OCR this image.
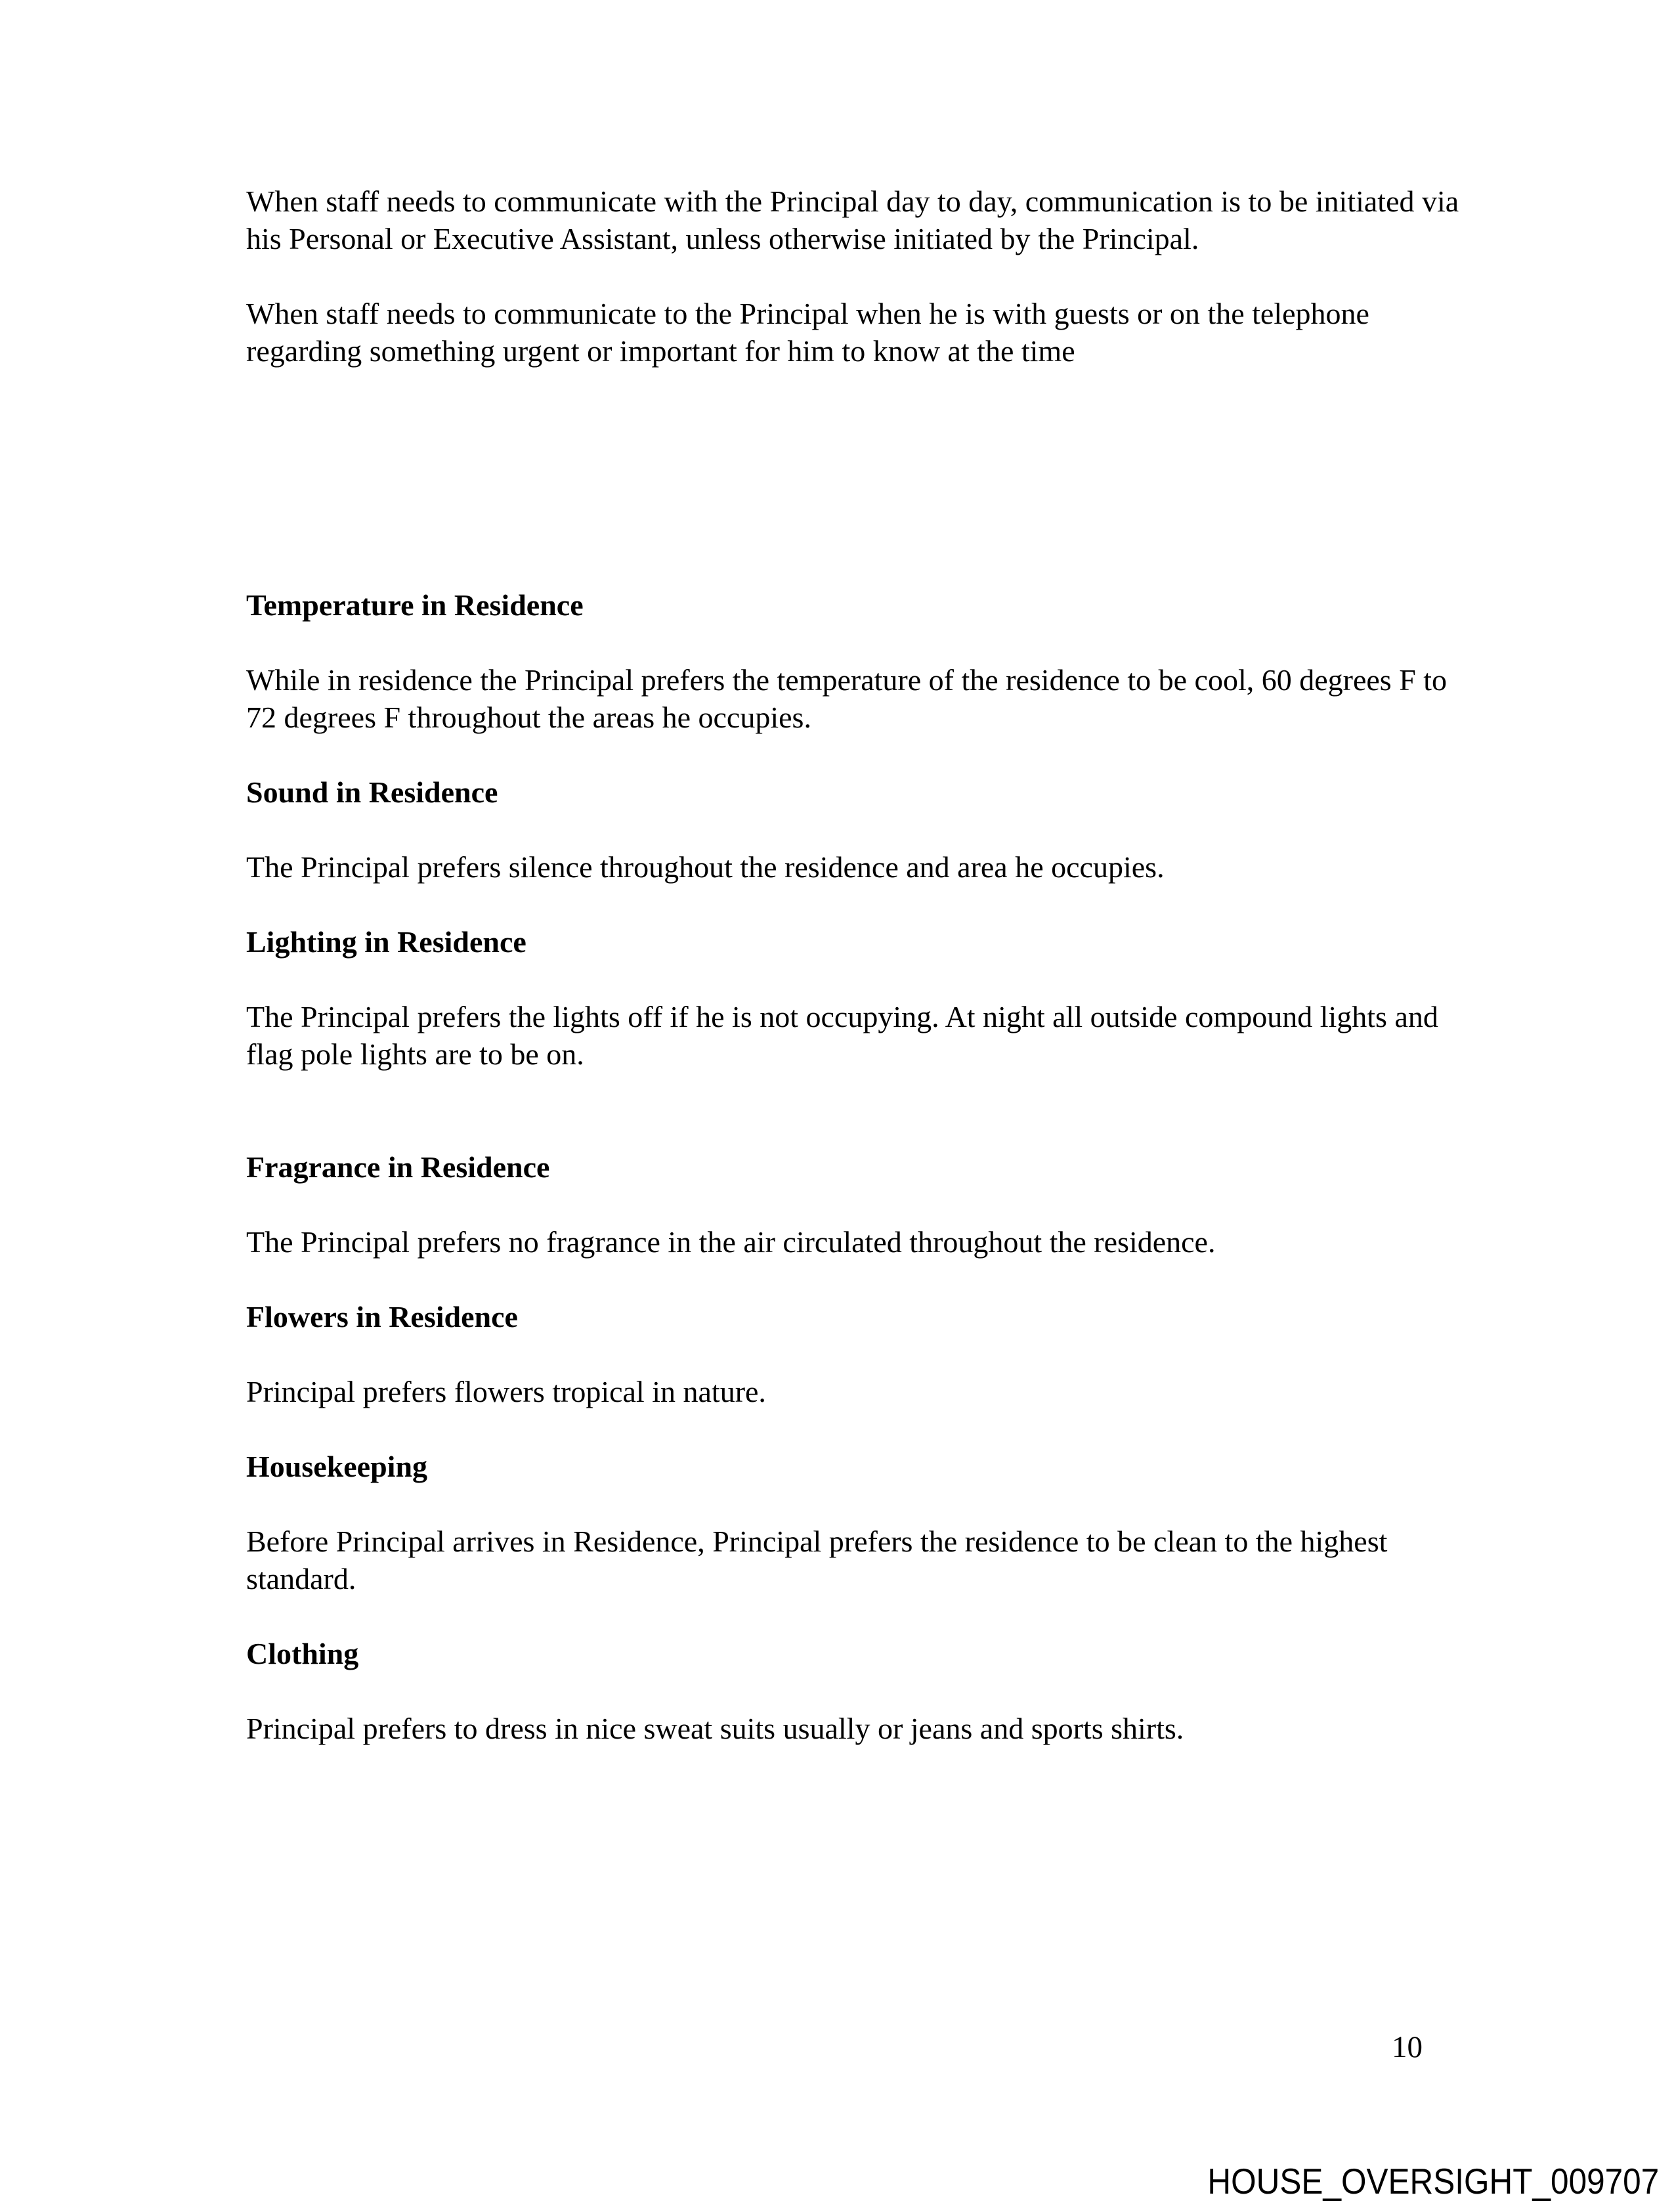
When staff needs to communicate with the Principal day to day, communication is to be initiated via his Personal or Executive Assistant, unless otherwise initiated by the Principal.

When staff needs to communicate to the Principal when he is with guests or on the telephone regarding something urgent or important for him to know at the time

Temperature in Residence

While in residence the Principal prefers the temperature of the residence to be cool, 60 degrees F to 72 degrees F throughout the areas he occupies.

Sound in Residence

The Principal prefers silence throughout the residence and area he occupies.

Lighting in Residence

The Principal prefers the lights off if he is not occupying. At night all outside compound lights and flag pole lights are to be on.

Fragrance in Residence

The Principal prefers no fragrance in the air circulated throughout the residence.

Flowers in Residence

Principal prefers flowers tropical in nature.

Housekeeping

Before Principal arrives in Residence, Principal prefers the residence to be clean to the highest standard.

Clothing

Principal prefers to dress in nice sweat suits usually or jeans and sports shirts.

10
HOUSE_OVERSIGHT_009707
